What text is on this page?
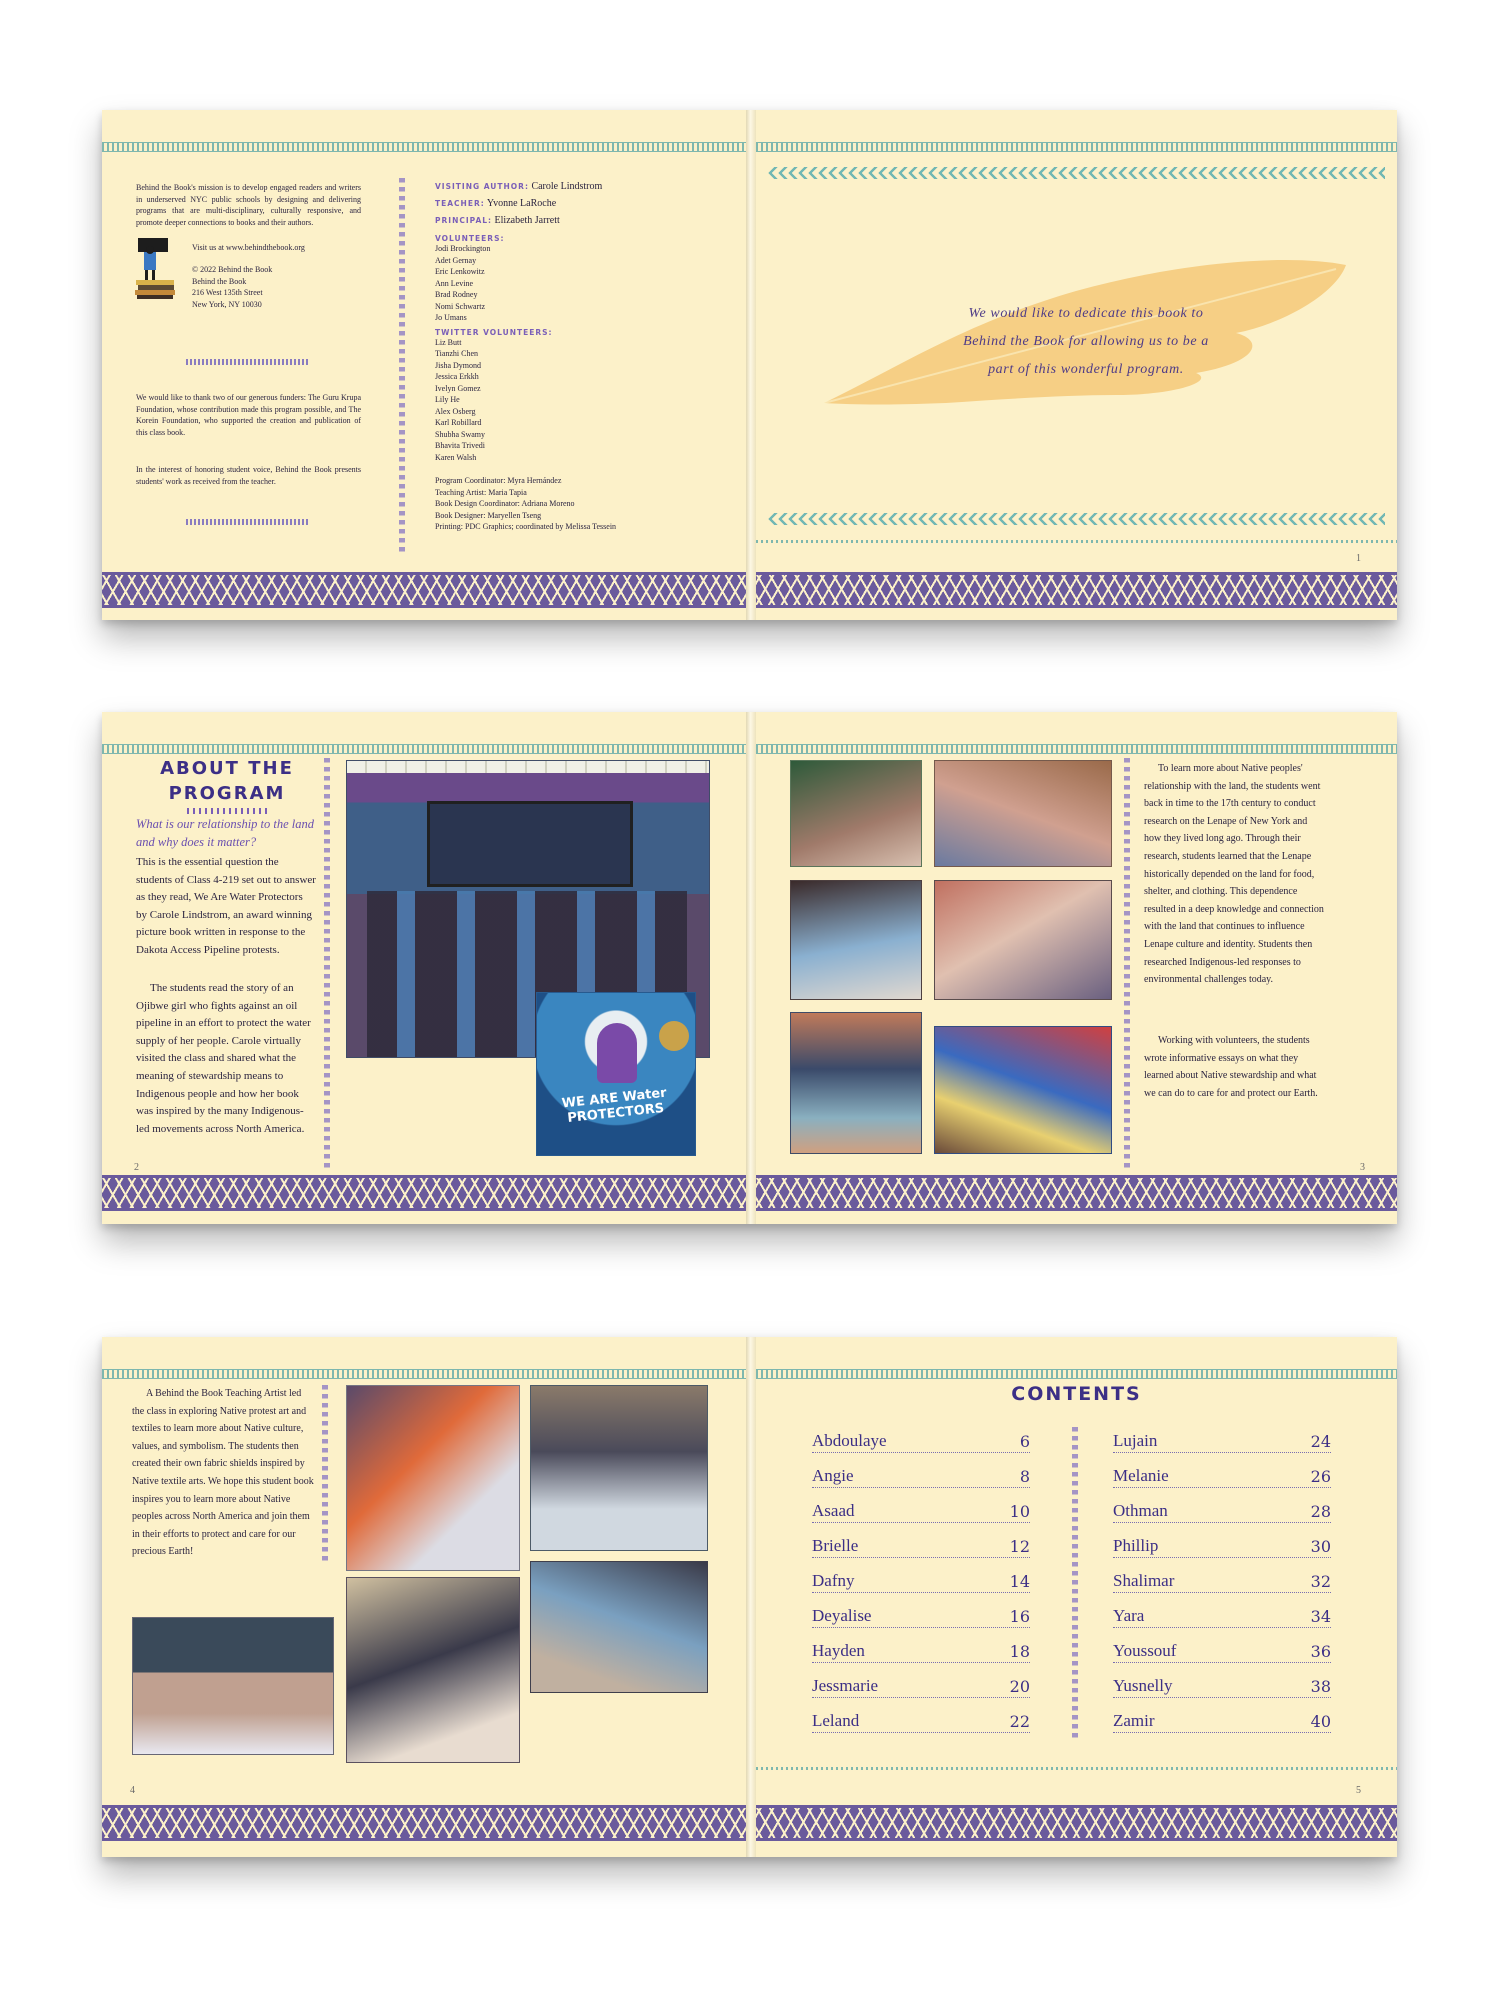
Behind the Book's mission is to develop engaged readers and writers in underserved NYC public schools by designing and delivering programs that are multi-disciplinary, culturally responsive, and promote deeper connections to books and their authors.
Visit us at www.behindthebook.org
© 2022 Behind the Book
Behind the Book
216 West 135th Street
New York, NY 10030
We would like to thank two of our generous funders: The Guru Krupa Foundation, whose contribution made this program possible, and The Korein Foundation, who supported the creation and publication of this class book.
In the interest of honoring student voice, Behind the Book presents students' work as received from the teacher.
VISITING AUTHOR: Carole Lindstrom
TEACHER: Yvonne LaRoche
PRINCIPAL: Elizabeth Jarrett
VOLUNTEERS:
Jodi Brockington
Adet Gernay
Eric Lenkowitz
Ann Levine
Brad Rodney
Nomi Schwartz
Jo Umans
TWITTER VOLUNTEERS:
Liz Butt
Tianzhi Chen
Jisha Dymond
Jessica Erkkh
Ivelyn Gomez
Lily He
Alex Osberg
Karl Robillard
Shubha Swamy
Bhavita Trivedi
Karen Walsh
Program Coordinator: Myra Hernández
Teaching Artist: Maria Tapia
Book Design Coordinator: Adriana Moreno
Book Designer: Maryellen Tseng
Printing: PDC Graphics; coordinated by Melissa Tessein
We would like to dedicate this book to
Behind the Book for allowing us to be a
part of this wonderful program.
1
ABOUT THE
PROGRAM
What is our relationship to the land and why does it matter?
This is the essential question the students of Class 4-219 set out to answer as they read, We Are Water Protectors by Carole Lindstrom, an award winning picture book written in response to the Dakota Access Pipeline protests.
The students read the story of an Ojibwe girl who fights against an oil pipeline in an effort to protect the water supply of her people. Carole virtually visited the class and shared what the meaning of stewardship means to Indigenous people and how her book was inspired by the many Indigenous-led movements across North America.
2
WE ARE Water PROTECTORS
To learn more about Native peoples' relationship with the land, the students went back in time to the 17th century to conduct research on the Lenape of New York and how they lived long ago. Through their research, students learned that the Lenape historically depended on the land for food, shelter, and clothing. This dependence resulted in a deep knowledge and connection with the land that continues to influence Lenape culture and identity. Students then researched Indigenous-led responses to environmental challenges today.
Working with volunteers, the students wrote informative essays on what they learned about Native stewardship and what we can do to care for and protect our Earth.
3
A Behind the Book Teaching Artist led the class in exploring Native protest art and textiles to learn more about Native culture, values, and symbolism. The students then created their own fabric shields inspired by Native textile arts. We hope this student book inspires you to learn more about Native peoples across North America and join them in their efforts to protect and care for our precious Earth!
4
CONTENTS
Abdoulaye	6
Angie	8
Asaad	10
Brielle	12
Dafny	14
Deyalise	16
Hayden	18
Jessmarie	20
Leland	22
Lujain	24
Melanie	26
Othman	28
Phillip	30
Shalimar	32
Yara	34
Youssouf	36
Yusnelly	38
Zamir	40
5
